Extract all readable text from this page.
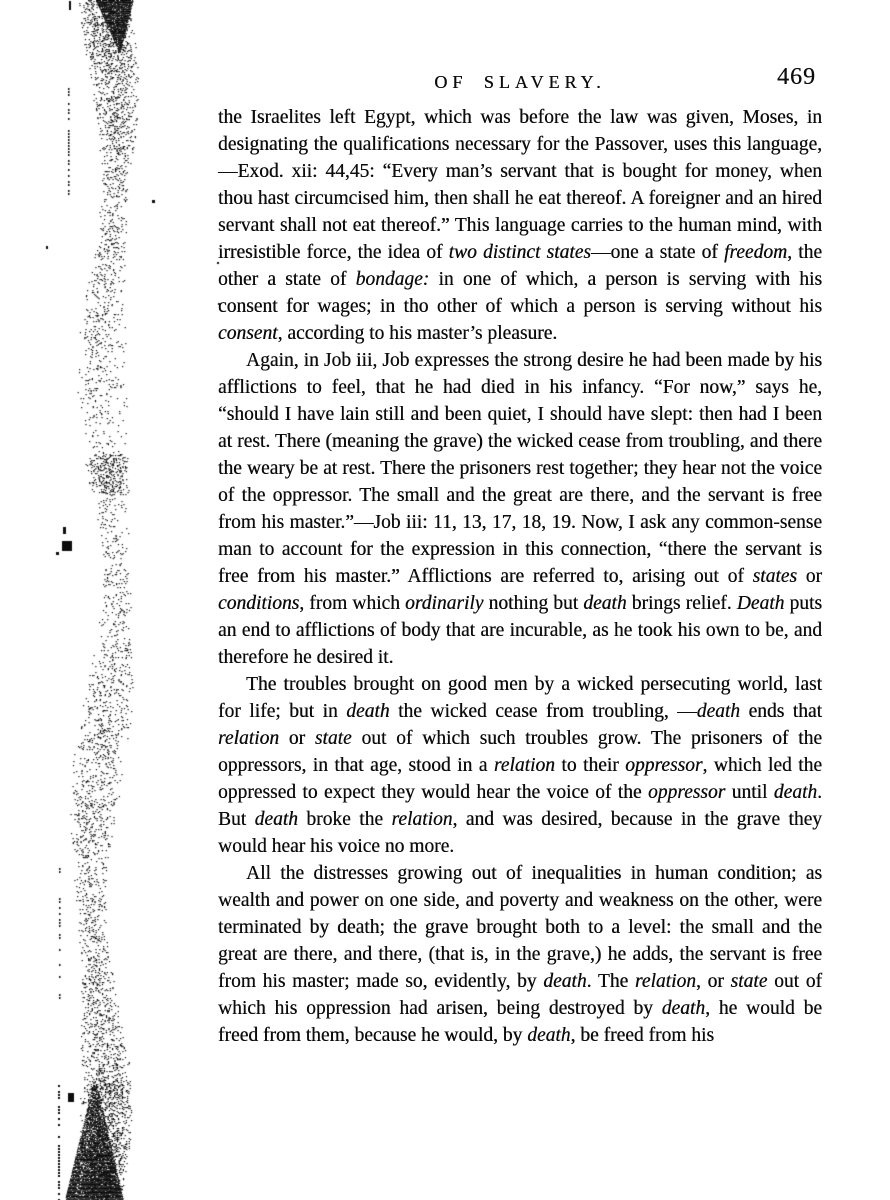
OF SLAVERY.	469

the Israelites left Egypt, which was before the law was given, Moses, in designating the qualifications necessary for the Passover, uses this language,—Exod. xii: 44,45: “Every man’s servant that is bought for money, when thou hast circumcised him, then shall he eat thereof. A foreigner and an hired servant shall not eat thereof.” This language carries to the human mind, with irresistible force, the idea of two distinct states—one a state of freedom, the other a state of bondage: in one of which, a person is serving with his consent for wages; in tho other of which a person is serving without his consent, according to his master’s pleasure.

Again, in Job iii, Job expresses the strong desire he had been made by his afflictions to feel, that he had died in his infancy. “For now,” says he, “should I have lain still and been quiet, I should have slept: then had I been at rest. There (meaning the grave) the wicked cease from troubling, and there the weary be at rest. There the prisoners rest together; they hear not the voice of the oppressor. The small and the great are there, and the servant is free from his master.”—Job iii: 11, 13, 17, 18, 19. Now, I ask any common-sense man to account for the expression in this connection, “there the servant is free from his master.” Afflictions are referred to, arising out of states or conditions, from which ordinarily nothing but death brings relief. Death puts an end to afflictions of body that are incurable, as he took his own to be, and therefore he desired it.

The troubles brought on good men by a wicked persecuting world, last for life; but in death the wicked cease from troubling, —death ends that relation or state out of which such troubles grow. The prisoners of the oppressors, in that age, stood in a relation to their oppressor, which led the oppressed to expect they would hear the voice of the oppressor until death. But death broke the relation, and was desired, because in the grave they would hear his voice no more.

All the distresses growing out of inequalities in human condition; as wealth and power on one side, and poverty and weakness on the other, were terminated by death; the grave brought both to a level: the small and the great are there, and there, (that is, in the grave,) he adds, the servant is free from his master; made so, evidently, by death. The relation, or state out of which his oppression had arisen, being destroyed by death, he would be freed from them, because he would, by death, be freed from his
